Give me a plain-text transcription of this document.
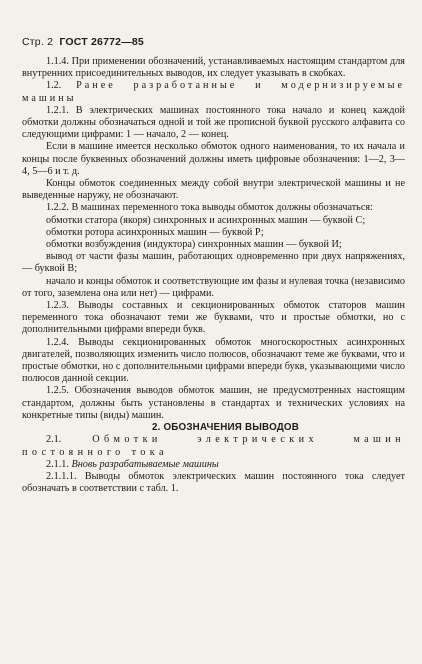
Стр. 2 ГОСТ 26772—85

1.1.4. При применении обозначений, устанавливаемых настоящим стандартом для внутренних присоединительных выводов, их следует указывать в скобках.

1.2. Ранее разработанные и модернизируемые машины

1.2.1. В электрических машинах постоянного тока начало и конец каждой обмотки должны обозначаться одной и той же прописной буквой русского алфавита со следующими цифрами: 1 — начало, 2 — конец.

Если в машине имеется несколько обмоток одного наименования, то их начала и концы после буквенных обозначений должны иметь цифровые обозначения: 1—2, 3—4, 5—6 и т. д.

Концы обмоток соединенных между собой внутри электрической машины и не выведенные наружу, не обозначают.

1.2.2. В машинах переменного тока выводы обмоток должны обозначаться:

обмотки статора (якоря) синхронных и асинхронных машин — буквой С;

обмотки ротора асинхронных машин — буквой Р;

обмотки возбуждения (индуктора) синхронных машин — буквой И;

вывод от части фазы машин, работающих одновременно при двух напряжениях, — буквой В;

начало и концы обмоток и соответствующие им фазы и нулевая точка (независимо от того, заземлена она или нет) — цифрами.

1.2.3. Выводы составных и секционированных обмоток статоров машин переменного тока обозначают теми же буквами, что и простые обмотки, но с дополнительными цифрами впереди букв.

1.2.4. Выводы секционированных обмоток многоскоростных асинхронных двигателей, позволяющих изменить число полюсов, обозначают теме же буквами, что и простые обмотки, но с дополнительными цифрами впереди букв, указывающими число полюсов данной секции.

1.2.5. Обозначения выводов обмоток машин, не предусмотренных настоящим стандартом, должны быть установлены в стандартах и технических условиях на конкретные типы (виды) машин.

2. ОБОЗНАЧЕНИЯ ВЫВОДОВ

2.1.	Обмотки электрических машин постоянного тока

2.1.1. Вновь разрабатываемые машины

2.1.1.1. Выводы обмоток электрических машин постоянного тока следует обозначать в соответствии с табл. 1.
